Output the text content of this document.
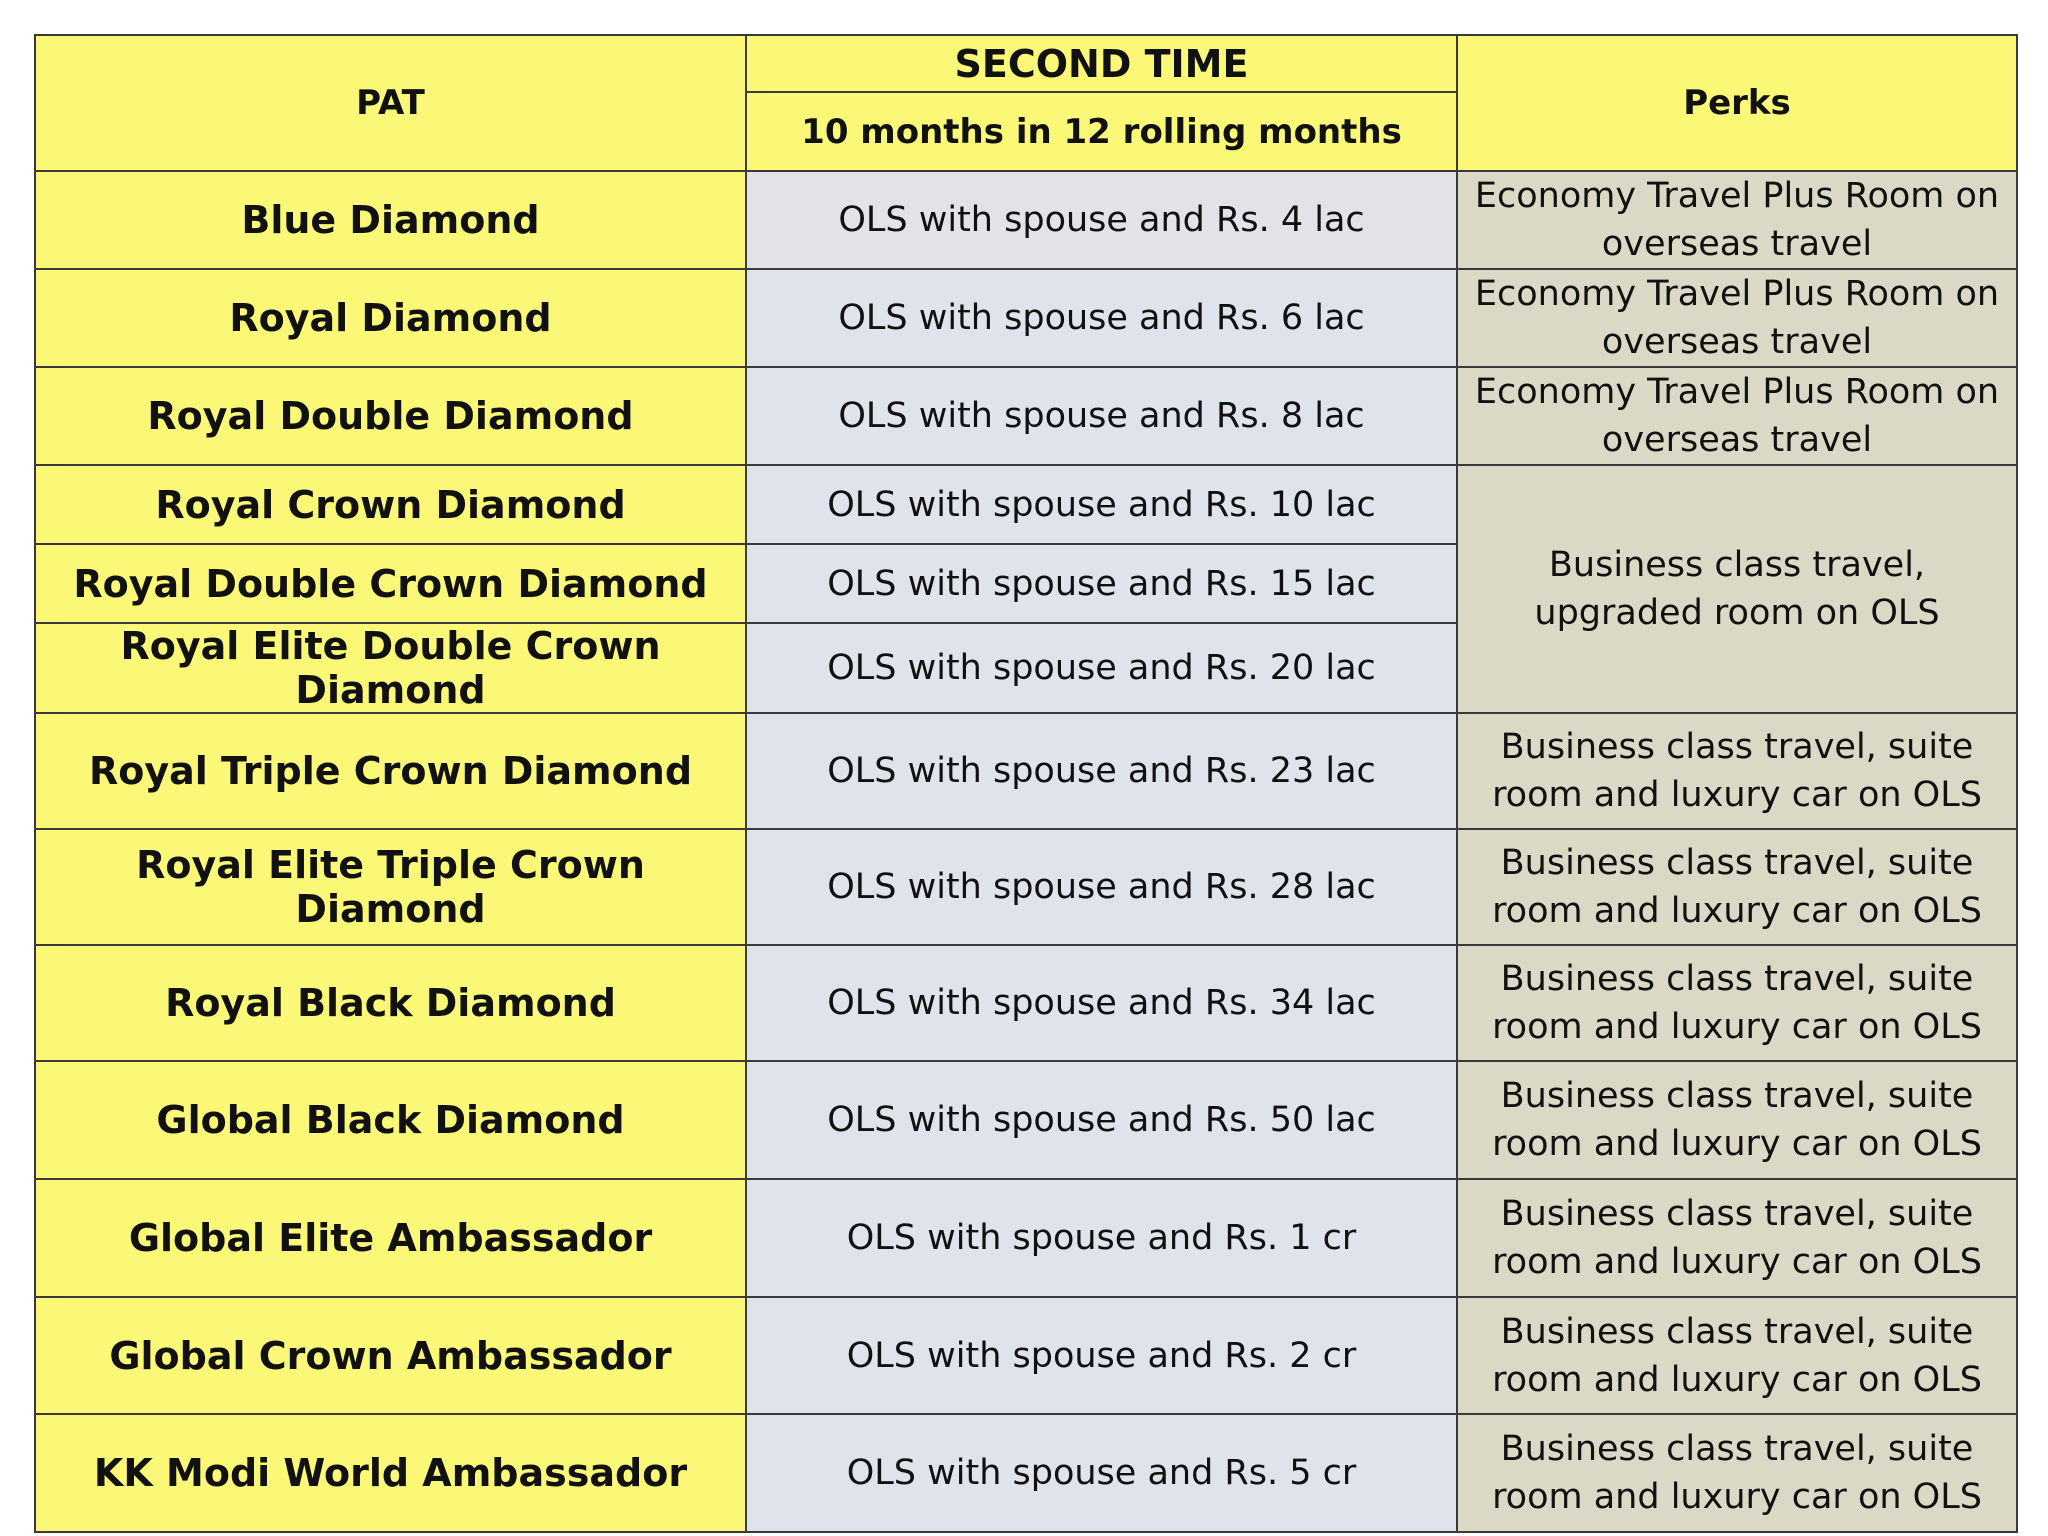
PAT	SECOND TIME	Perks
	10 months in 12 rolling months	
Blue Diamond	OLS with spouse and Rs. 4 lac	Economy Travel Plus Room on overseas travel
Royal Diamond	OLS with spouse and Rs. 6 lac	Economy Travel Plus Room on overseas travel
Royal Double Diamond	OLS with spouse and Rs. 8 lac	Economy Travel Plus Room on overseas travel
Royal Crown Diamond	OLS with spouse and Rs. 10 lac	Business class travel, upgraded room on OLS
Royal Double Crown Diamond	OLS with spouse and Rs. 15 lac	
Royal Elite Double Crown Diamond	OLS with spouse and Rs. 20 lac	
Royal Triple Crown Diamond	OLS with spouse and Rs. 23 lac	Business class travel, suite room and luxury car on OLS
Royal Elite Triple Crown Diamond	OLS with spouse and Rs. 28 lac	Business class travel, suite room and luxury car on OLS
Royal Black Diamond	OLS with spouse and Rs. 34 lac	Business class travel, suite room and luxury car on OLS
Global Black Diamond	OLS with spouse and Rs. 50 lac	Business class travel, suite room and luxury car on OLS
Global Elite Ambassador	OLS with spouse and Rs. 1 cr	Business class travel, suite room and luxury car on OLS
Global Crown Ambassador	OLS with spouse and Rs. 2 cr	Business class travel, suite room and luxury car on OLS
KK Modi World Ambassador	OLS with spouse and Rs. 5 cr	Business class travel, suite room and luxury car on OLS
